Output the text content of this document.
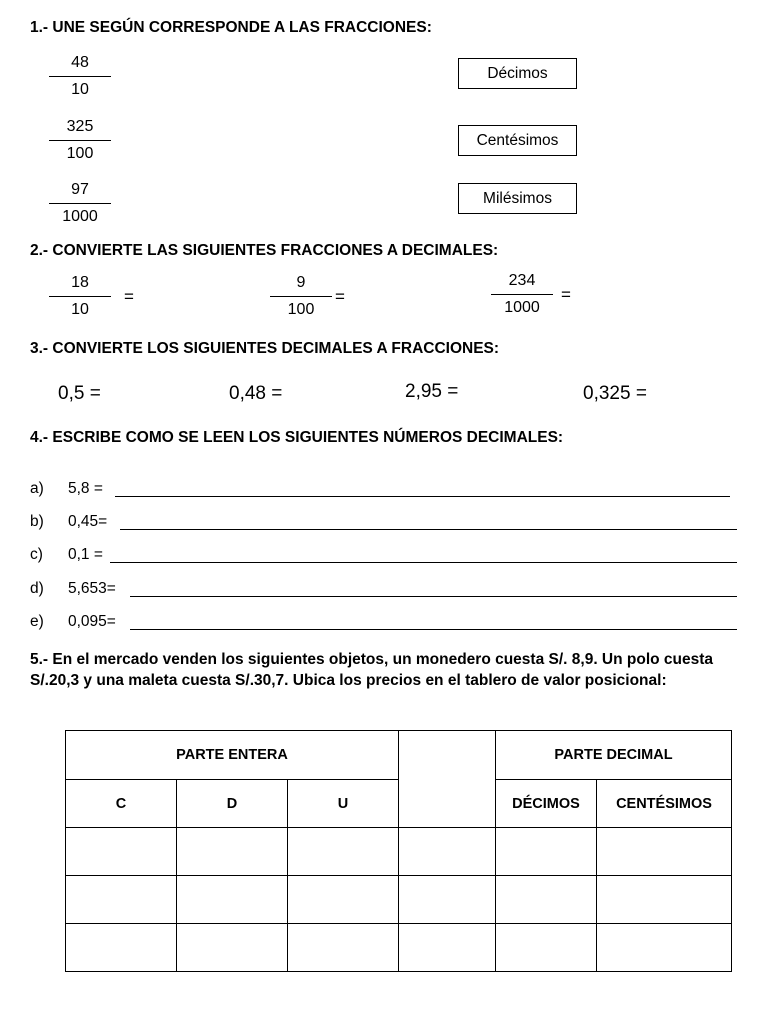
1.- UNE SEGÚN CORRESPONDE A LAS FRACCIONES:
48
10
325
100
97
1000
Décimos
Centésimos
Milésimos
2.- CONVIERTE LAS SIGUIENTES FRACCIONES A DECIMALES:
18
10
=
9
100
=
234
1000
=
3.- CONVIERTE LOS SIGUIENTES DECIMALES A FRACCIONES:
0,5 =	0,48 =	2,95 =	0,325 =
4.- ESCRIBE COMO SE LEEN LOS SIGUIENTES NÚMEROS DECIMALES:
a) 5,8 =
b) 0,45=
c) 0,1 =
d) 5,653=
e) 0,095=
5.- En el mercado venden los siguientes objetos, un monedero cuesta S/. 8,9. Un polo cuesta S/.20,3 y una maleta cuesta S/.30,7. Ubica los precios en el tablero de valor posicional:
PARTE ENTERA				PARTE DECIMAL	
C	D	U		DÉCIMOS	CENTÉSIMOS
